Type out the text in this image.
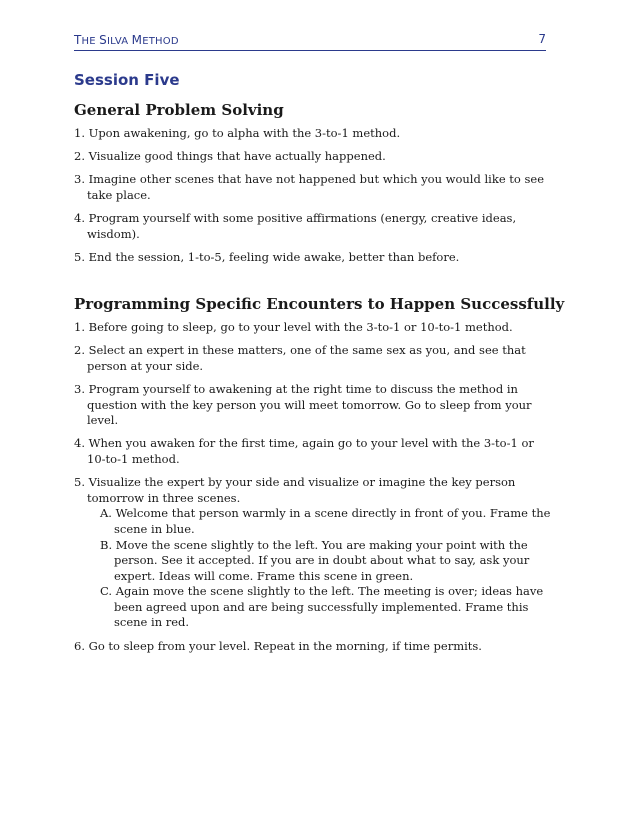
THE SILVA METHOD	7
Session Five
General Problem Solving
1. Upon awakening, go to alpha with the 3-to-1 method.
2. Visualize good things that have actually happened.
3. Imagine other scenes that have not happened but which you would like to see take place.
4. Program yourself with some positive affirmations (energy, creative ideas, wisdom).
5. End the session, 1-to-5, feeling wide awake, better than before.
Programming Specific Encounters to Happen Successfully
1. Before going to sleep, go to your level with the 3-to-1 or 10-to-1 method.
2. Select an expert in these matters, one of the same sex as you, and see that person at your side.
3. Program yourself to awakening at the right time to discuss the method in question with the key person you will meet tomorrow. Go to sleep from your level.
4. When you awaken for the first time, again go to your level with the 3-to-1 or 10-to-1 method.
5. Visualize the expert by your side and visualize or imagine the key person tomorrow in three scenes.
A. Welcome that person warmly in a scene directly in front of you. Frame the scene in blue.
B. Move the scene slightly to the left. You are making your point with the person. See it accepted. If you are in doubt about what to say, ask your expert. Ideas will come. Frame this scene in green.
C. Again move the scene slightly to the left. The meeting is over; ideas have been agreed upon and are being successfully implemented. Frame this scene in red.
6. Go to sleep from your level. Repeat in the morning, if time permits.
